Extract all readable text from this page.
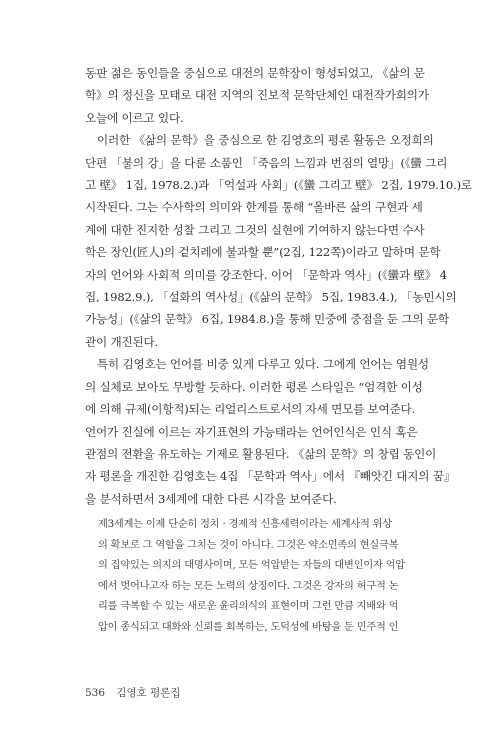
동판 젊은 동인들을 중심으로 대전의 문학장이 형성되었고, 《삶의 문
학》의 정신을 모태로 대전 지역의 진보적 문학단체인 대전작가회의가
오늘에 이르고 있다.

이러한 《삶의 문학》을 중심으로 한 김영호의 평론 활동은 오정희의
단편 「불의 강」을 다룬 소품인 「죽음의 느낌과 번짐의 열망」(《蠻 그리
고 壁》 1집, 1978.2.)과 「억설과 사회」(《蠻 그리고 壁》 2집, 1979.10.)로
시작된다. 그는 수사학의 의미와 한계를 통해 “올바른 삶의 구현과 세
계에 대한 진지한 성찰 그리고 그것의 실현에 기여하지 않는다면 수사
학은 장인(匠人)의 겉치레에 불과할 뿐”(2집, 122쪽)이라고 말하며 문학
자의 언어와 사회적 의미를 강조한다. 이어 「문학과 역사」(《蠻과 壁》 4
집, 1982.9.), 「설화의 역사성」(《삶의 문학》 5집, 1983.4.), 「농민시의
가능성」(《삶의 문학》 6집, 1984.8.)을 통해 민중에 중점을 둔 그의 문학
관이 개진된다.

특히 김영호는 언어를 비중 있게 다루고 있다. 그에게 언어는 염원성
의 실체로 보아도 무방할 듯하다. 이러한 평론 스타일은 “엄격한 이성
에 의해 규제(이항적)되는 리얼리스트로서의 자세 면모를 보여준다.
언어가 진실에 이르는 자기표현의 가능태라는 언어인식은 인식 혹은
관점의 전환을 유도하는 기제로 활용된다. 《삶의 문학》의 창립 동인이
자 평론을 개진한 김영호는 4집 「문학과 역사」에서 『빼앗긴 대지의 꿈』
을 분석하면서 3세계에 대한 다른 시각을 보여준다.

제3세계는 이제 단순히 정치 · 경제적 신흥세력이라는 세계사적 위상
의 확보로 그 역할을 그치는 것이 아니다. 그것은 약소민족의 현실극복
의 집약있는 의지의 대명사이며, 모든 억압받는 자들의 대변인이자 억압
에서 벗어나고자 하는 모든 노력의 상징이다. 그것은 강자의 허구적 논
리를 극복할 수 있는 새로운 윤리의식의 표현이며 그런 만큼 지배와 억
압이 종식되고 대화와 신뢰를 회복하는, 도덕성에 바탕을 둔 민주적 인

536 김영호 평론집
